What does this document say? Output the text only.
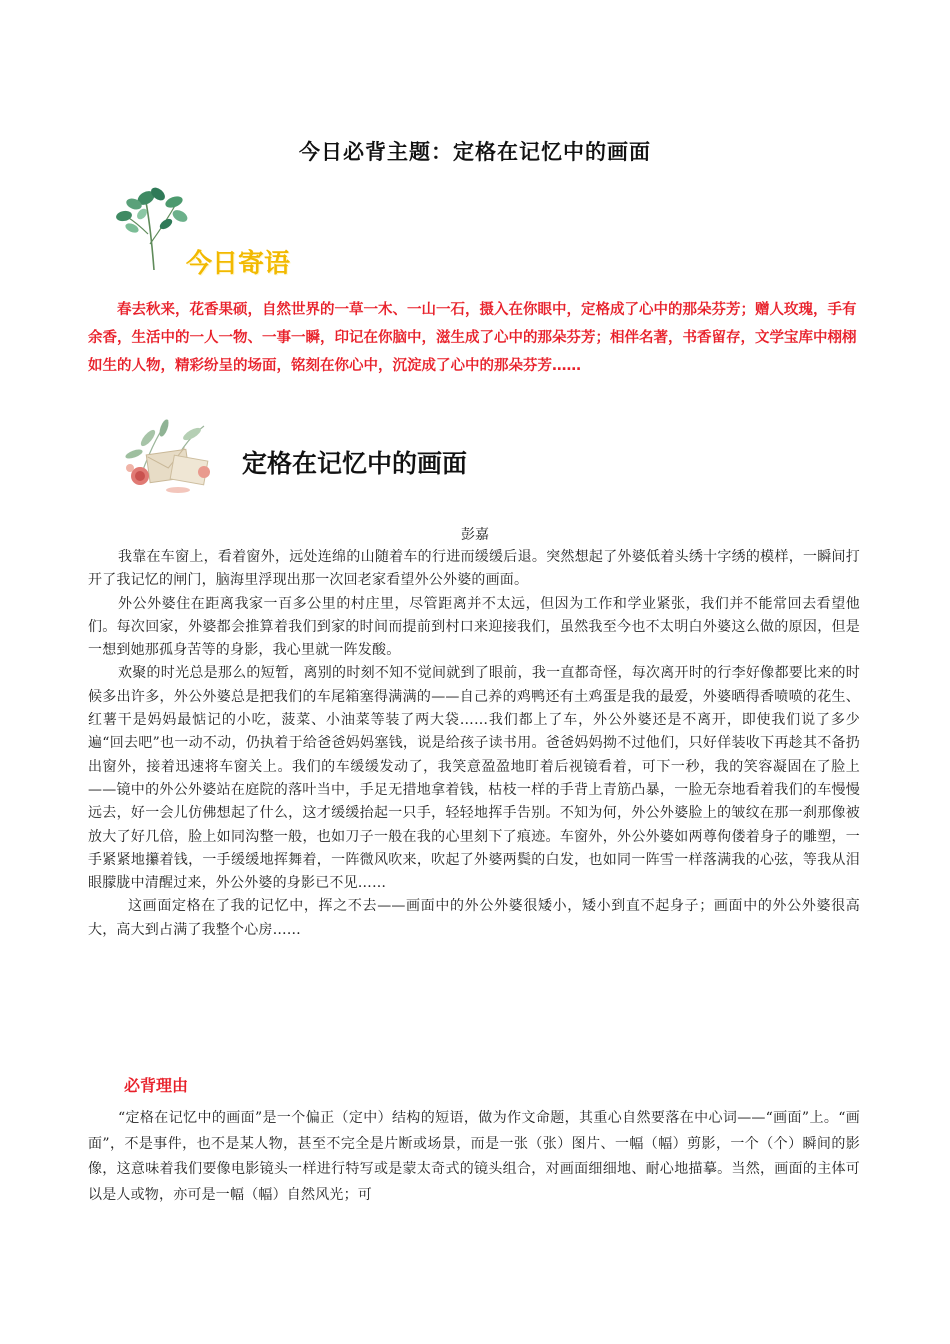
今日必背主题：定格在记忆中的画面
今日寄语

春去秋来，花香果硕，自然世界的一草一木、一山一石，摄入在你眼中，定格成了心中的那朵芬芳；赠人玫瑰，手有余香，生活中的一人一物、一事一瞬，印记在你脑中，滋生成了心中的那朵芬芳；相伴名著，书香留存，文学宝库中栩栩如生的人物，精彩纷呈的场面，铭刻在你心中，沉淀成了心中的那朵芬芳……

定格在记忆中的画面
彭嘉

我靠在车窗上，看着窗外，远处连绵的山随着车的行进而缓缓后退。突然想起了外婆低着头绣十字绣的模样，一瞬间打开了我记忆的闸门，脑海里浮现出那一次回老家看望外公外婆的画面。

外公外婆住在距离我家一百多公里的村庄里，尽管距离并不太远，但因为工作和学业紧张，我们并不能常回去看望他们。每次回家，外婆都会推算着我们到家的时间而提前到村口来迎接我们，虽然我至今也不太明白外婆这么做的原因，但是一想到她那孤身苦等的身影，我心里就一阵发酸。

欢聚的时光总是那么的短暂，离别的时刻不知不觉间就到了眼前，我一直都奇怪，每次离开时的行李好像都要比来的时候多出许多，外公外婆总是把我们的车尾箱塞得满满的——自己养的鸡鸭还有土鸡蛋是我的最爱，外婆晒得香喷喷的花生、红薯干是妈妈最惦记的小吃，菠菜、小油菜等装了两大袋……我们都上了车，外公外婆还是不离开，即使我们说了多少遍“回去吧”也一动不动，仍执着于给爸爸妈妈塞钱，说是给孩子读书用。爸爸妈妈拗不过他们，只好佯装收下再趁其不备扔出窗外，接着迅速将车窗关上。我们的车缓缓发动了，我笑意盈盈地盯着后视镜看着，可下一秒，我的笑容凝固在了脸上——镜中的外公外婆站在庭院的落叶当中，手足无措地拿着钱，枯枝一样的手背上青筋凸暴，一脸无奈地看着我们的车慢慢远去，好一会儿仿佛想起了什么，这才缓缓抬起一只手，轻轻地挥手告别。不知为何，外公外婆脸上的皱纹在那一刹那像被放大了好几倍，脸上如同沟整一般，也如刀子一般在我的心里刻下了痕迹。车窗外，外公外婆如两尊佝偻着身子的雕塑，一手紧紧地攥着钱，一手缓缓地挥舞着，一阵微风吹来，吹起了外婆两鬓的白发，也如同一阵雪一样落满我的心弦，等我从泪眼朦胧中清醒过来，外公外婆的身影已不见……

这画面定格在了我的记忆中，挥之不去——画面中的外公外婆很矮小，矮小到直不起身子；画面中的外公外婆很高大，高大到占满了我整个心房……

必背理由

“定格在记忆中的画面”是一个偏正（定中）结构的短语，做为作文命题，其重心自然要落在中心词——“画面”上。“画面”，不是事件，也不是某人物，甚至不完全是片断或场景，而是一张（张）图片、一幅（幅）剪影，一个（个）瞬间的影像，这意味着我们要像电影镜头一样进行特写或是蒙太奇式的镜头组合，对画面细细地、耐心地描摹。当然，画面的主体可以是人或物，亦可是一幅（幅）自然风光；可
